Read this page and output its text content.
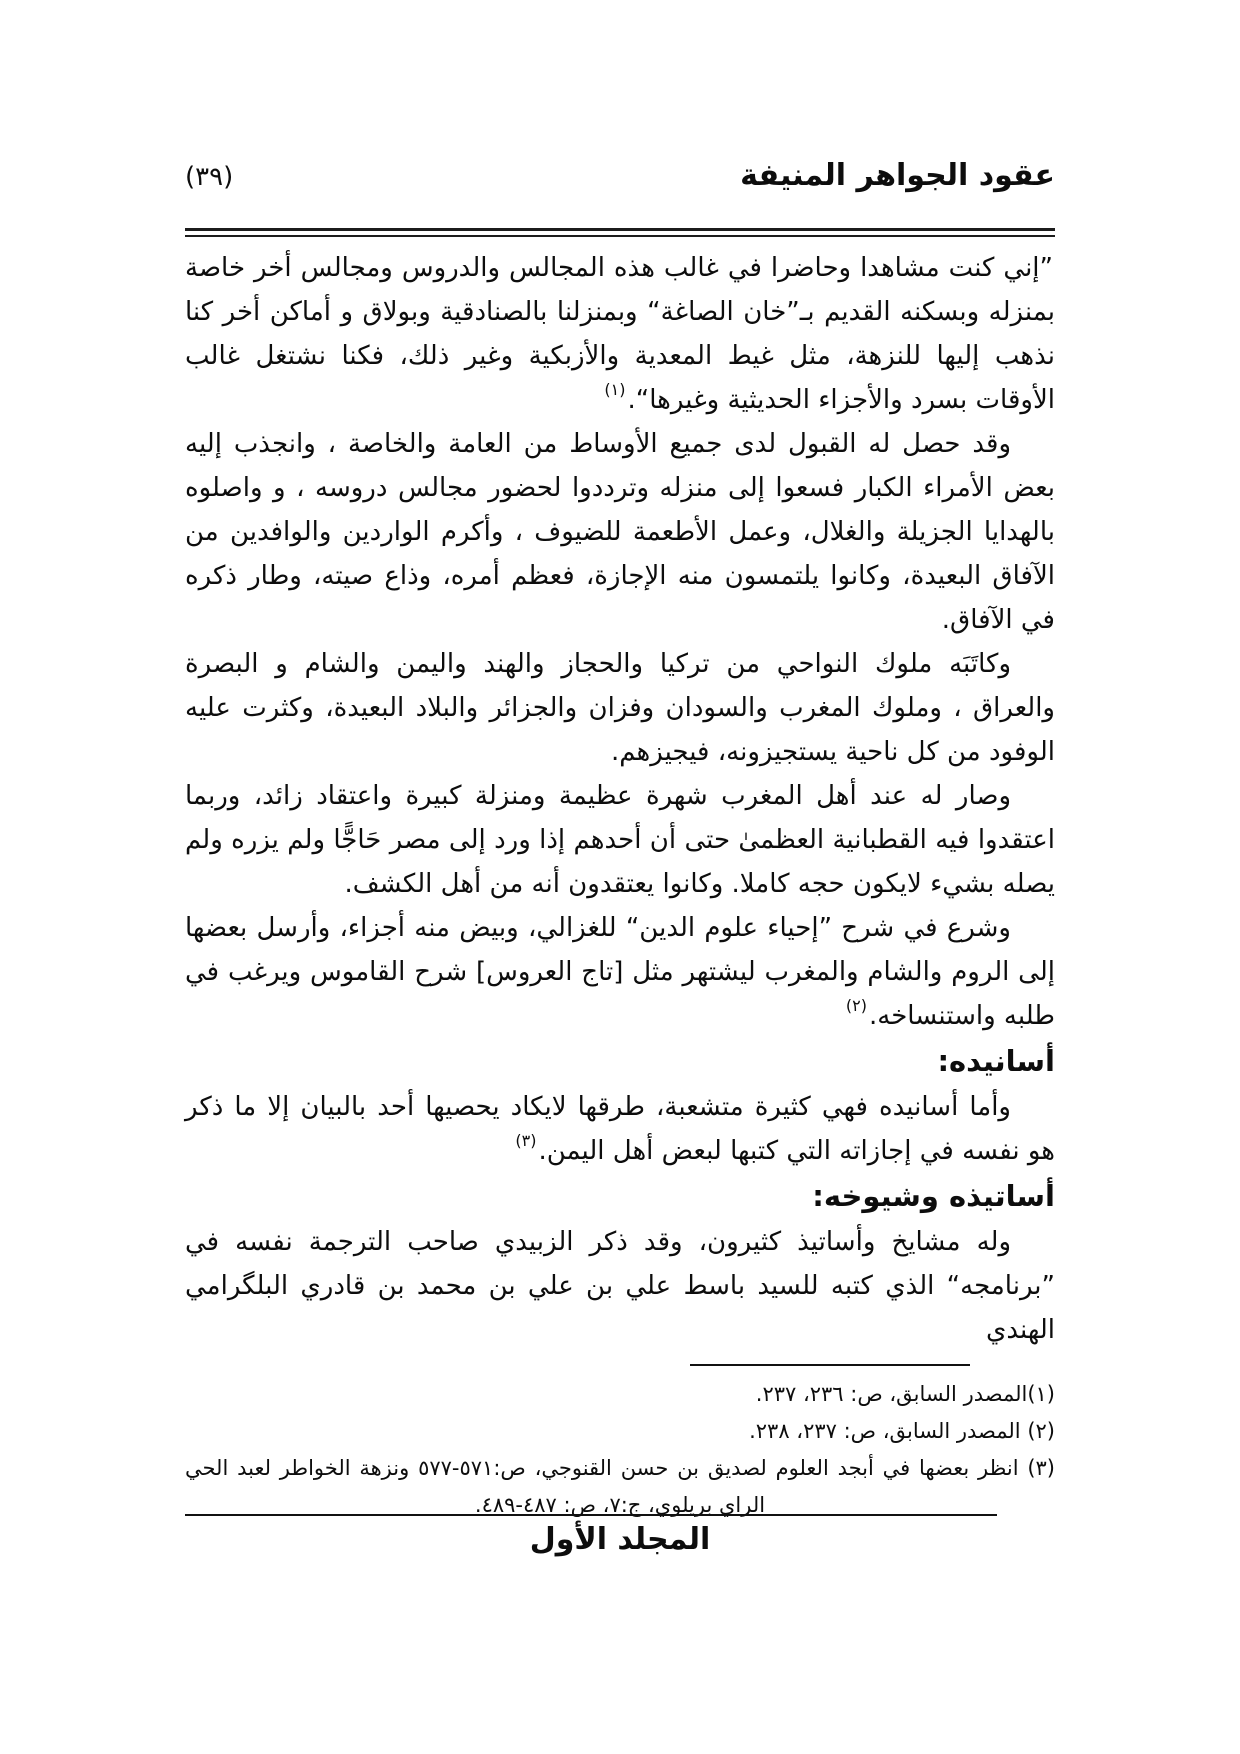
عقود الجواهر المنيفة
(٣٩)

”إني كنت مشاهدا وحاضرا في غالب هذه المجالس والدروس ومجالس أخر خاصة بمنزله وبسكنه القديم بـ”خان الصاغة“ وبمنزلنا بالصنادقية وبولاق و أماكن أخر كنا نذهب إليها للنزهة، مثل غيط المعدية والأزبكية وغير ذلك، فكنا نشتغل غالب الأوقات بسرد والأجزاء الحديثية وغيرها“.$^{(١)}$

وقد حصل له القبول لدى جميع الأوساط من العامة والخاصة ، وانجذب إليه بعض الأمراء الكبار فسعوا إلى منزله وترددوا لحضور مجالس دروسه ، و واصلوه بالهدايا الجزيلة والغلال، وعمل الأطعمة للضيوف ، وأكرم الواردين والوافدين من الآفاق البعيدة، وكانوا يلتمسون منه الإجازة، فعظم أمره، وذاع صيته، وطار ذكره في الآفاق.

وكاتَبَه ملوك النواحي من تركيا والحجاز والهند واليمن والشام و البصرة والعراق ، وملوك المغرب والسودان وفزان والجزائر والبلاد البعيدة، وكثرت عليه الوفود من كل ناحية يستجيزونه، فيجيزهم.

وصار له عند أهل المغرب شهرة عظيمة ومنزلة كبيرة واعتقاد زائد، وربما اعتقدوا فيه القطبانية العظمىٰ حتى أن أحدهم إذا ورد إلى مصر حَاجًّا ولم يزره ولم يصله بشيء لايكون حجه كاملا. وكانوا يعتقدون أنه من أهل الكشف.

وشرع في شرح ”إحياء علوم الدين“ للغزالي، وبيض منه أجزاء، وأرسل بعضها إلى الروم والشام والمغرب ليشتهر مثل [تاج العروس] شرح القاموس ويرغب في طلبه واستنساخه.$^{(٢)}$

أسانيده:

وأما أسانيده فهي كثيرة متشعبة، طرقها لايكاد يحصيها أحد بالبيان إلا ما ذكر هو نفسه في إجازاته التي كتبها لبعض أهل اليمن.$^{(٣)}$

أساتيذه وشيوخه:

وله مشايخ وأساتيذ كثيرون، وقد ذكر الزبيدي صاحب الترجمة نفسه في ”برنامجه“ الذي كتبه للسيد باسط علي بن علي بن محمد بن قادري البلگرامي الهندي

(١)المصدر السابق، ص: ٢٣٦، ٢٣٧.

(٢) المصدر السابق، ص: ٢٣٧، ٢٣٨.

(٣) انظر بعضها في أبجد العلوم لصديق بن حسن القنوجي، ص:٥٧١-٥٧٧ ونزهة الخواطر لعبد الحي الراي بريلوي، ج:٧، ص: ٤٨٧-٤٨٩.

المجلد الأول
